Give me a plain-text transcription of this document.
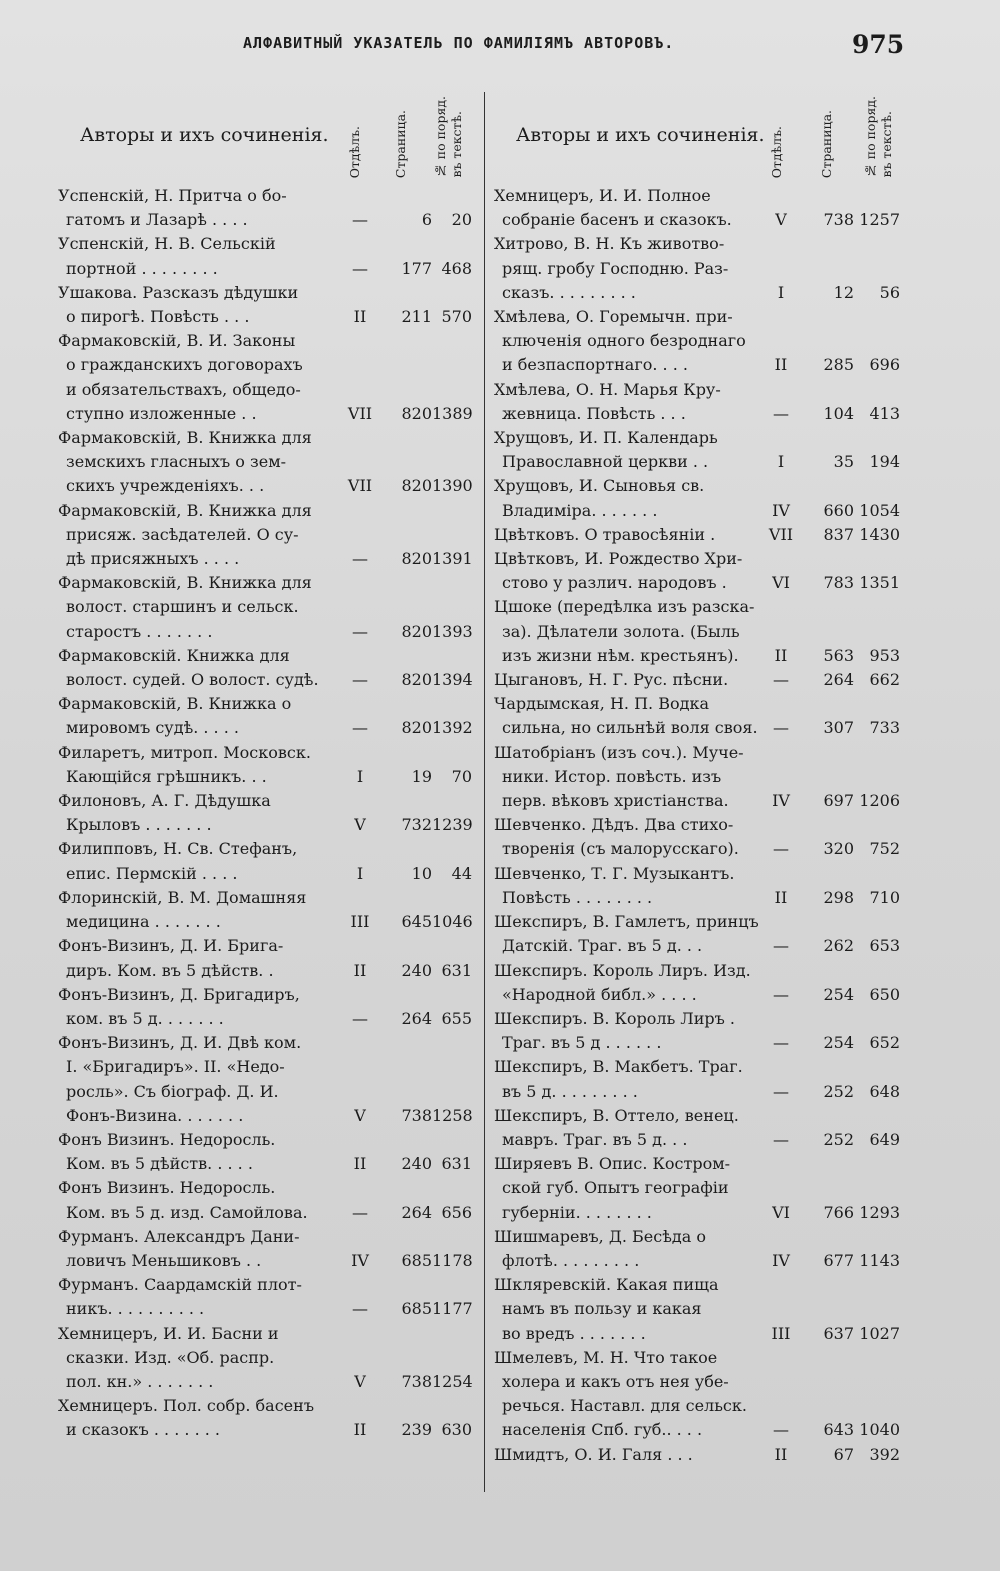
АЛФАВИТНЫЙ УКАЗАТЕЛЬ ПО ФАМИЛІЯМЪ АВТОРОВЪ.	975
Авторы и ихъ сочиненія. Отдѣлъ. Страница. № по поряд. въ текстѣ.
Успенскій, Н. Притча о бо-
гатомъ и Лазарѣ . . . .	—	6	20
Успенскій, Н. В. Сельскій
портной . . . . . . . .	—	177 468
Ушакова. Разсказъ дѣдушки
о пирогѣ. Повѣсть . . .	II	211 570
Фармаковскій, В. И. Законы
о гражданскихъ договорахъ
и обязательствахъ, общедо-
ступно изложенные . .	VII	820 1389
Фармаковскій, В. Книжка для
земскихъ гласныхъ о зем-
скихъ учрежденіяхъ. . .	VII	820 1390
Фармаковскій, В. Книжка для
присяж. засѣдателей. О су-
дѣ присяжныхъ . . . .	—	820 1391
Фармаковскій, В. Книжка для
волост. старшинъ и сельск.
старостъ . . . . . . .	—	820 1393
Фармаковскій. Книжка для
волост. судей. О волост. судѣ.	—	820 1394
Фармаковскій, В. Книжка о
мировомъ судѣ. . . . .	—	820 1392
Филаретъ, митроп. Московск.
Кающійся грѣшникъ. . .	I	19	70
Филоновъ, А. Г. Дѣдушка
Крыловъ . . . . . . .	V	732 1239
Филипповъ, Н. Св. Стефанъ,
епис. Пермскій . . . .	I	10	44
Флоринскій, В. М. Домашняя
медицина . . . . . . .	III	645 1046
Фонъ-Визинъ, Д. И. Брига-
диръ. Ком. въ 5 дѣйств. .	II	240 631
Фонъ-Визинъ, Д. Бригадиръ,
ком. въ 5 д. . . . . . .	—	264 655
Фонъ-Визинъ, Д. И. Двѣ ком.
I. «Бригадиръ». II. «Недо-
росль». Съ біограф. Д. И.
Фонъ-Визина. . . . . . .	V	738 1258
Фонъ Визинъ. Недоросль.
Ком. въ 5 дѣйств. . . . .	II	240 631
Фонъ Визинъ. Недоросль.
Ком. въ 5 д. изд. Самойлова.	—	264 656
Фурманъ. Александръ Дани-
ловичъ Меньшиковъ . .	IV	685 1178
Фурманъ. Саардамскій плот-
никъ. . . . . . . . . .	—	685 1177
Хемницеръ, И. И. Басни и
сказки. Изд. «Об. распр.
пол. кн.» . . . . . . .	V	738 1254
Хемницеръ. Пол. собр. басенъ
и сказокъ . . . . . . .	II	239 630
Авторы и ихъ сочиненія. Отдѣлъ.	Страница. № по поряд. въ текстѣ.
Хемницеръ, И. И. Полное
собраніе басенъ и сказокъ.	V	738 1257
Хитрово, В. Н. Къ животво-
рящ. гробу Господню. Раз-
сказъ. . . . . . . . .	I	12	56
Хмѣлева, О. Горемычн. при-
ключенія одного безроднаго
и безпаспортнаго. . . .	II	285 696
Хмѣлева, О. Н. Марья Кру-
жевница. Повѣсть . . .	—	104 413
Хрущовъ, И. П. Календарь
Православной церкви . .	I	35 194
Хрущовъ, И. Сыновья св.
Владиміра. . . . . . .	IV	660 1054
Цвѣтковъ. О травосѣяніи .	VII	837 1430
Цвѣтковъ, И. Рождество Хри-
стово у различ. народовъ .	VI	783 1351
Цшоке (передѣлка изъ разска-
за). Дѣлатели золота. (Быль
изъ жизни нѣм. крестьянъ).	II	563 953
Цыгановъ, Н. Г. Рус. пѣсни.	—	264 662
Чардымская, Н. П. Водка
сильна, но сильнѣй воля своя. —	307 733
Шатобріанъ (изъ соч.). Муче-
ники. Истор. повѣсть. изъ
перв. вѣковъ христіанства.	IV	697 1206
Шевченко. Дѣдъ. Два стихо-
творенія (съ малорусскаго).	—	320 752
Шевченко, Т. Г. Музыкантъ.
Повѣсть . . . . . . . .	II	298 710
Шекспиръ, В. Гамлетъ, принцъ
Датскій. Траг. въ 5 д. . .	—	262 653
Шекспиръ. Король Лиръ. Изд.
«Народной библ.» . . . .	—	254 650
Шекспиръ. В. Король Лиръ .
Траг. въ 5 д . . . . . .	—	254 652
Шекспиръ, В. Макбетъ. Траг.
въ 5 д. . . . . . . . .	—	252 648
Шекспиръ, В. Оттело, венец.
мавръ. Траг. въ 5 д. . .	—	252 649
Ширяевъ В. Опис. Костром-
ской губ. Опытъ географіи
губерніи. . . . . . . .	VI	766 1293
Шишмаревъ, Д. Бесѣда о
флотѣ. . . . . . . . .	IV	677 1143
Шкляревскій. Какая пища
намъ въ пользу и какая
во вредъ . . . . . . .	III	637 1027
Шмелевъ, М. Н. Что такое
холера и какъ отъ нея убе-
речься. Наставл. для сельск.
населенія Спб. губ.. . . .	—	643 1040
Шмидтъ, О. И. Галя . . .	II	67 392
